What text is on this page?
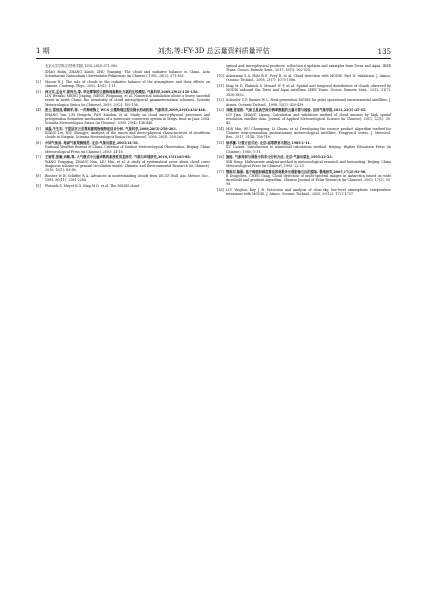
1 期	刘杰,等:FY-3D 总云量资料质量评估	135
北京大学学报(自然科学版),1992,28(3):371-383.
ZHAO Bolin, ZHANG Xiaoli, ZHU Yuanjing. The cloud and radiative balance in China. Acta Scientiarum Naturalium Universitatis Pekinensis (in Chinese), 1992, 28(3): 371-383.
[2]	Mason R J. The role of clouds in the radiative balance of the atmosphere and their effects on climate. Contemp. Phys., 2002, 43(1): 1-11.
[3]	林文实,孟金平,蒙伟光,等. 华北雾等的云微物理参数化方案的比较模拟. 气象科学,2009,29(2):150-156.
LIN Wenshi, MENG Jinping, MENG Weiguang, et al. Numerical simulation about a heavy snowfall event in north China: the sensitivity of cloud microphysical parameterization schemes. Scientia Meteorologica Sinica (in Chinese), 2009, 29(2): 150-156.
[4]	张云,雷恒池,谭晓军,等. 一次梅雨锋上 WCS 云微物理过程及降水形成机制. 气象科学,2009,29(4):434-446.
ZHANG Yun, LEI Hengchi, PAN Xiaobin, et al. Study on cloud micro-physical processes and precipitation formation mechanisms of a mesoscale convective system in Meiyu front in June 2004. Scientia Meteorologica Sinica (in Chinese), 2009, 29(4): 434-446.
[5]	项磊,牛生杰. 宁夏层状云宏观和微观物理特征综合分析. 气象科学,2008,28(3):258-263.
XIANG Lei, NIU Shengjie. Analysis of the macro and micro-physical characteristics of stratiform clouds in Ningxia. Scientia Meteorologica Sinica (in Chinese), 2008, 28(3): 258-263.
[6]	中国气象局. 地面气象观测规范. 北京:气象出版社,2003:14-16.
National Weather Bureau of China. Criterion of Surface Meteorological Observation. Beijing: China Meteorological Press (in Chinese), 2003: 14-16.
[7]	王婉青,张颖,刘敏,等. 大气模式中云量诊断的系统性误差研究. 气候与环境研究,2010,15(1):83-88.
WANG Yongqing, ZHANG Nan, LIU Min, et al. A study of systematical error about cloud cover diagnosis scheme in general circulation model. Climatic and Environmental Research (in Chinese), 2010, 15(1): 83-88.
[8]	Bisseer W B, Schiffer R A. Advances in understanding clouds from ISCCP. Bull. Am. Meteor. Soc., 1999, 80(11): 2261-2288.
[9]	Platnick S, Meyer K G, King M D, et al. The MODIS cloud
optical and microphysical products: collection 6 updates and examples from Terra and Aqua. IEEE Trans. Geosci. Remote Sens., 2017, 55(1): 502-525.
[10] Ackerman S A, Holz R E, Frey R, et al. Cloud detection with MODIS. Part II: validation. J. Atmos. Oceanic Technol., 2008, 25(7): 1073-1086.
[11] King M D, Platnick S, Menzel W P, et al. Spatial and temporal distribution of clouds observed by MODIS onboard the Terra and Aqua satellites. IEEE Trans. Geosci. Remote Sens., 2013, 51(7): 3826-3852.
[12] Schueler C F, Barnes W L. Next-generation MODIS for polar operational environmental satellites. J. Atmos. Oceanic Technol., 1998, 15(2): 430-439.
[13] 刘健,张里阳. 气象卫星高空间分辨率数据的云量计算与检验. 应用气象学报,2011,22(1):35-45.
LIU Jian, ZHANG Liyang. Calculation and validation method of cloud amount by high spatial resolution satellite data. Journal of Applied Meteorological Science (in Chinese), 2011, 22(1): 35-45.
[14] MIN Min, WU Chunqiang, LI Chuan, et al. Developing the science product algorithm testbed for Chinese next-generation geostationary meteorological satellites, Fengyun-4 series. J. Meteorol. Res., 2017, 31(4): 708-719.
[15] 徐孝濂. 计算方法引论. 北京:高等教育出版社,1985:1-11.
XU Cuiwei. Introduction to numerical calculation method. Beijing: Higher Education Press (in Chinese), 1985: 1-11.
[16] 施能. 气象科研与预报中的多元分析方法. 北京:气象出版社,1995:22-23.
SHI Neng. Multivariate analysis method in meteorological research and forecasting. Beijing: China Meteorological Press (in Chinese), 1995: 22-23.
[17] 鄂栋臣,陈刚. 基于阈值和梯度算法的南极多光谱影像云区的提取. 极地研究,2005,17(2):93-98.
E Dongchen, CHEN Gang. Cloud detection of multi-spectral images in Antarctica based on wide threshold and gradient algorithm. Chinese Journal of Polar Research (in Chinese), 2005, 17(2): 93-98.
[18] LIU Yinghui, Key J R. Detection and analysis of clear-sky, low-level atmospheric temperature inversions with MODIS. J. Atmos. Oceanic Technol., 2003, 20(12): 1727-1737.
